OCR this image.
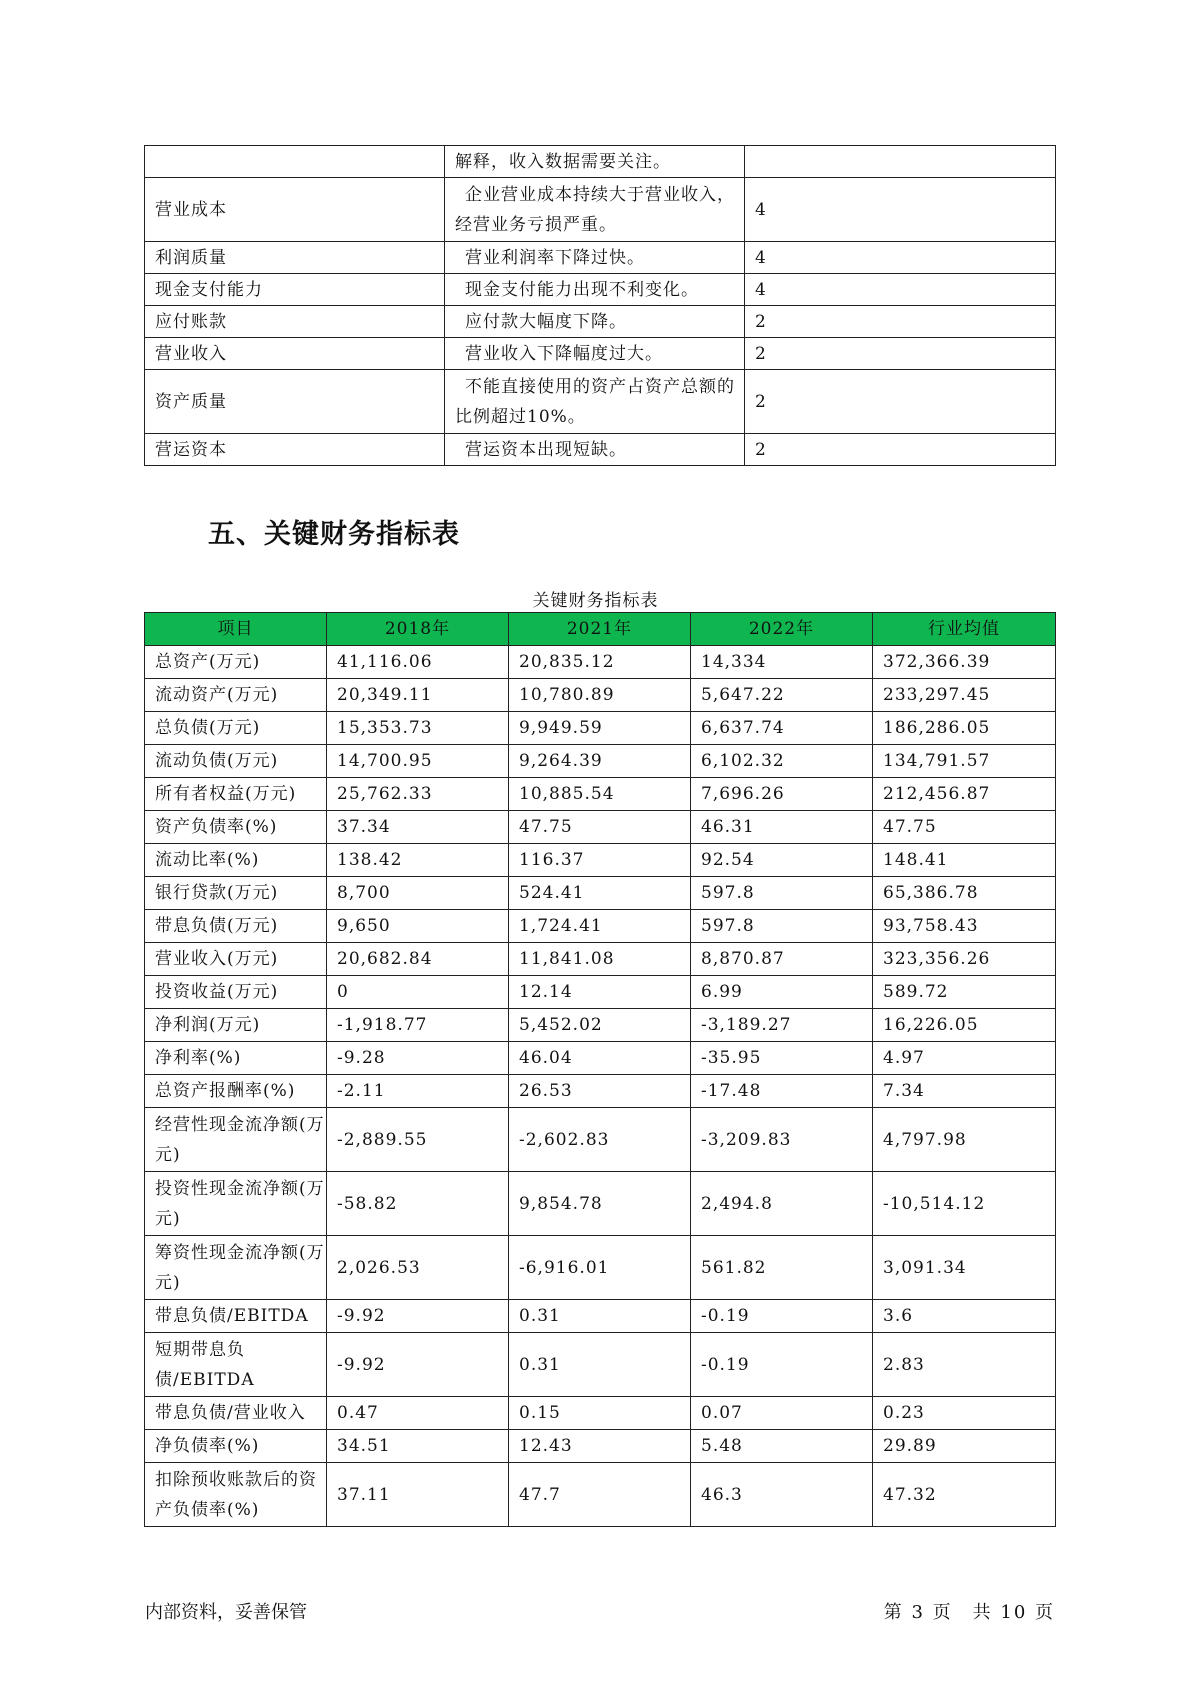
	解释，收入数据需要关注。	
营业成本	企业营业成本持续大于营业收入，经营业务亏损严重。	4
利润质量	营业利润率下降过快。	4
现金支付能力	现金支付能力出现不利变化。	4
应付账款	应付款大幅度下降。	2
营业收入	营业收入下降幅度过大。	2
资产质量	不能直接使用的资产占资产总额的比例超过10%。	2
营运资本	营运资本出现短缺。	2
五、关键财务指标表
关键财务指标表
项目	2018年	2021年	2022年	行业均值
总资产(万元)	41,116.06	20,835.12	14,334	372,366.39
流动资产(万元)	20,349.11	10,780.89	5,647.22	233,297.45
总负债(万元)	15,353.73	9,949.59	6,637.74	186,286.05
流动负债(万元)	14,700.95	9,264.39	6,102.32	134,791.57
所有者权益(万元)	25,762.33	10,885.54	7,696.26	212,456.87
资产负债率(%)	37.34	47.75	46.31	47.75
流动比率(%)	138.42	116.37	92.54	148.41
银行贷款(万元)	8,700	524.41	597.8	65,386.78
带息负债(万元)	9,650	1,724.41	597.8	93,758.43
营业收入(万元)	20,682.84	11,841.08	8,870.87	323,356.26
投资收益(万元)	0	12.14	6.99	589.72
净利润(万元)	-1,918.77	5,452.02	-3,189.27	16,226.05
净利率(%)	-9.28	46.04	-35.95	4.97
总资产报酬率(%)	-2.11	26.53	-17.48	7.34
经营性现金流净额(万元)	-2,889.55	-2,602.83	-3,209.83	4,797.98
投资性现金流净额(万元)	-58.82	9,854.78	2,494.8	-10,514.12
筹资性现金流净额(万元)	2,026.53	-6,916.01	561.82	3,091.34
带息负债/EBITDA	-9.92	0.31	-0.19	3.6
短期带息负债/EBITDA	-9.92	0.31	-0.19	2.83
带息负债/营业收入	0.47	0.15	0.07	0.23
净负债率(%)	34.51	12.43	5.48	29.89
扣除预收账款后的资产负债率(%)	37.11	47.7	46.3	47.32
内部资料，妥善保管	第 3 页　共 10 页
